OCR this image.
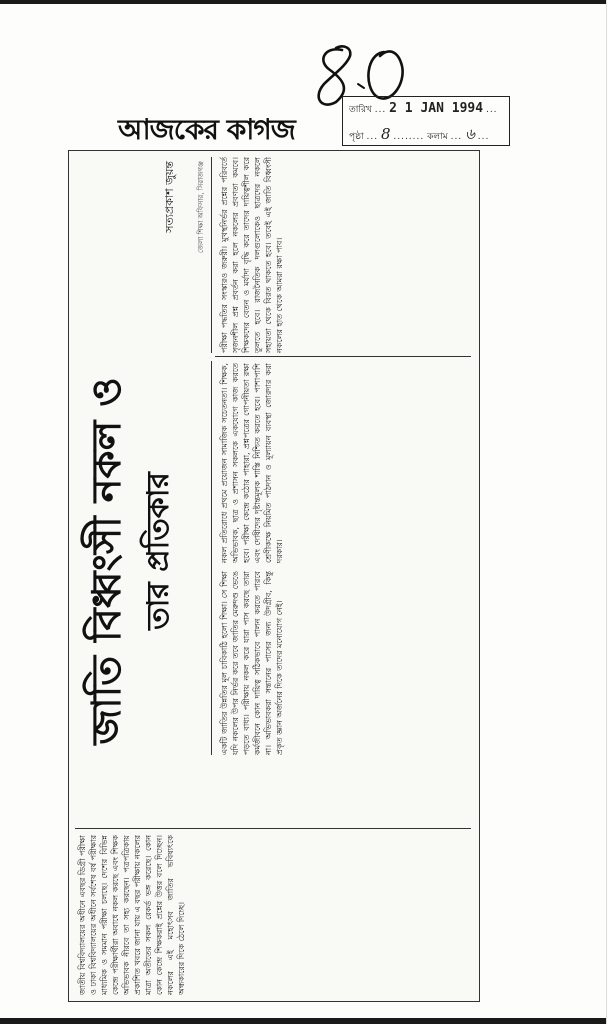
আজকের কাগজ
তারিখ ... 2 1 JAN 1994 ...
পৃষ্ঠা ... 8 ........ কলাম ... ৬ ...
জাতি বিধ্বংসী নকল ও তার প্রতিকার
সত্যপ্রকাশ জুয়ন্ত	জেলা শিক্ষা অফিসার, সিরাজগঞ্জ
জাতীয় বিশ্ববিদ্যালয়ের অধীনে এবছর ডিগ্রী পরীক্ষা ও ঢাকা বিশ্ববিদ্যালয়ের অধীনে সর্বশেষ বর্ষ পরীক্ষার মাধ্যমিক ও সমমান পরীক্ষা চলছে। দেশের বিভিন্ন কেন্দ্রে পরীক্ষার্থীরা অবাধে নকল করছে এবং শিক্ষক অভিভাবক নীরবে তা সহ্য করছেন। পত্রপত্রিকায় প্রকাশিত খবরে জানা যায় এ বছর পরীক্ষায় নকলের মাত্রা অতীতের সকল রেকর্ড ভঙ্গ করেছে। কোন কোন কেন্দ্রে শিক্ষকরাই প্রশ্নের উত্তর বলে দিচ্ছেন। নকলের এই মহোৎসব জাতির ভবিষ্যৎকে অন্ধকারের দিকে ঠেলে দিচ্ছে।
একটি জাতির উন্নতির মূল চাবিকাঠি হলো শিক্ষা। সে শিক্ষা যদি নকলের উপর নির্ভর করে তবে জাতির মেরুদণ্ড ভেঙে পড়তে বাধ্য। পরীক্ষায় নকল করে যারা পাস করছে তারা কর্মজীবনে কোন দায়িত্ব সঠিকভাবে পালন করতে পারবে না। অভিভাবকরা সন্তানের পাসের জন্য উদগ্রীব, কিন্তু প্রকৃত জ্ঞান অর্জনের দিকে তাদের মনোযোগ নেই।
নকল প্রতিরোধে প্রথমে প্রয়োজন সামাজিক সচেতনতা। শিক্ষক, অভিভাবক, ছাত্র ও প্রশাসন সকলকে একযোগে কাজ করতে হবে। পরীক্ষা কেন্দ্রে কঠোর পাহারা, প্রশ্নপত্রের গোপনীয়তা রক্ষা এবং দোষীদের দৃষ্টান্তমূলক শাস্তি নিশ্চিত করতে হবে। পাশাপাশি শ্রেণীকক্ষে নিয়মিত পাঠদান ও মূল্যায়ন ব্যবস্থা জোরদার করা দরকার।
পরীক্ষা পদ্ধতির সংস্কারও জরুরী। মুখস্থনির্ভর প্রশ্নের পরিবর্তে সৃজনশীল প্রশ্ন প্রবর্তন করা হলে নকলের প্রবণতা কমবে। শিক্ষকদের বেতন ও মর্যাদা বৃদ্ধি করে তাদের দায়িত্বশীল করে তুলতে হবে। রাজনৈতিক দলগুলোকেও ছাত্রদের নকলে সহায়তা থেকে বিরত থাকতে হবে। তবেই এই জাতি বিধ্বংসী নকলের হাত থেকে আমরা রক্ষা পাব।
